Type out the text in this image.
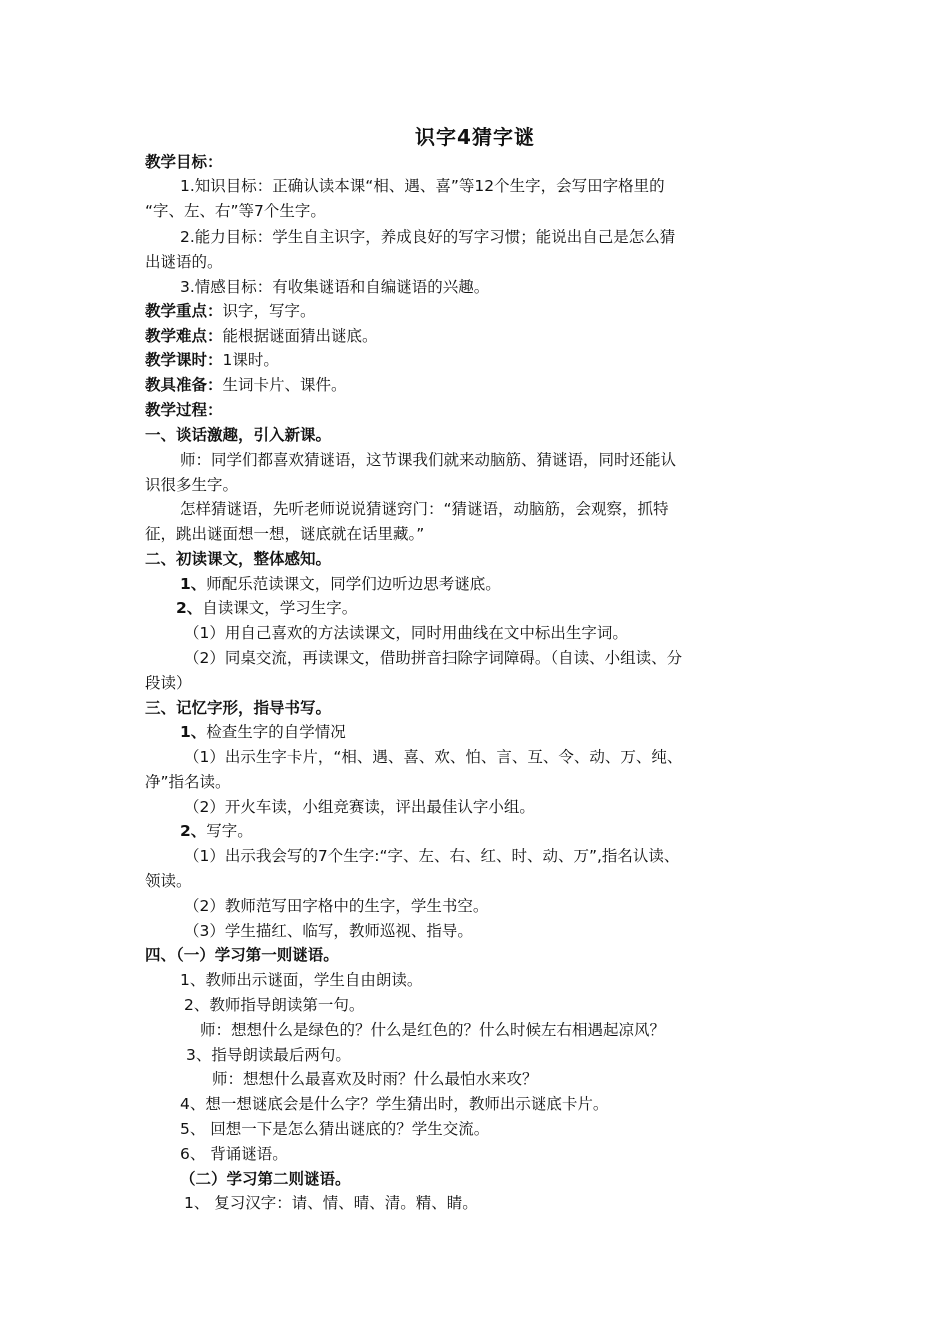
识字4猜字谜
教学目标：
1.知识目标：正确认读本课“相、遇、喜”等12个生字，会写田字格里的
“字、左、右”等7个生字。
2.能力目标：学生自主识字，养成良好的写字习惯；能说出自己是怎么猜
出谜语的。
3.情感目标：有收集谜语和自编谜语的兴趣。
教学重点：识字，写字。
教学难点：能根据谜面猜出谜底。
教学课时：1课时。
教具准备：生词卡片、课件。
教学过程：
一、谈话激趣，引入新课。
师：同学们都喜欢猜谜语，这节课我们就来动脑筋、猜谜语，同时还能认
识很多生字。
怎样猜谜语，先听老师说说猜谜窍门：“猜谜语，动脑筋，会观察，抓特
征，跳出谜面想一想，谜底就在话里藏。”
二、初读课文，整体感知。
1、师配乐范读课文，同学们边听边思考谜底。
2、自读课文，学习生字。
（1）用自己喜欢的方法读课文，同时用曲线在文中标出生字词。
（2）同桌交流，再读课文，借助拼音扫除字词障碍。（自读、小组读、分
段读）
三、记忆字形，指导书写。
1、检查生字的自学情况
（1）出示生字卡片，“相、遇、喜、欢、怕、言、互、令、动、万、纯、
净”指名读。
（2）开火车读，小组竞赛读，评出最佳认字小组。
2、写字。
（1）出示我会写的7个生字:“字、左、右、红、时、动、万”,指名认读、
领读。
（2）教师范写田字格中的生字，学生书空。
（3）学生描红、临写，教师巡视、指导。
四、（一）学习第一则谜语。
1、教师出示谜面，学生自由朗读。
2、教师指导朗读第一句。
师：想想什么是绿色的？什么是红色的？什么时候左右相遇起凉风？
3、指导朗读最后两句。
师：想想什么最喜欢及时雨？什么最怕水来攻？
4、想一想谜底会是什么字？学生猜出时，教师出示谜底卡片。
5、 回想一下是怎么猜出谜底的？学生交流。
6、 背诵谜语。
（二）学习第二则谜语。
1、 复习汉字：请、情、晴、清。精、睛。
